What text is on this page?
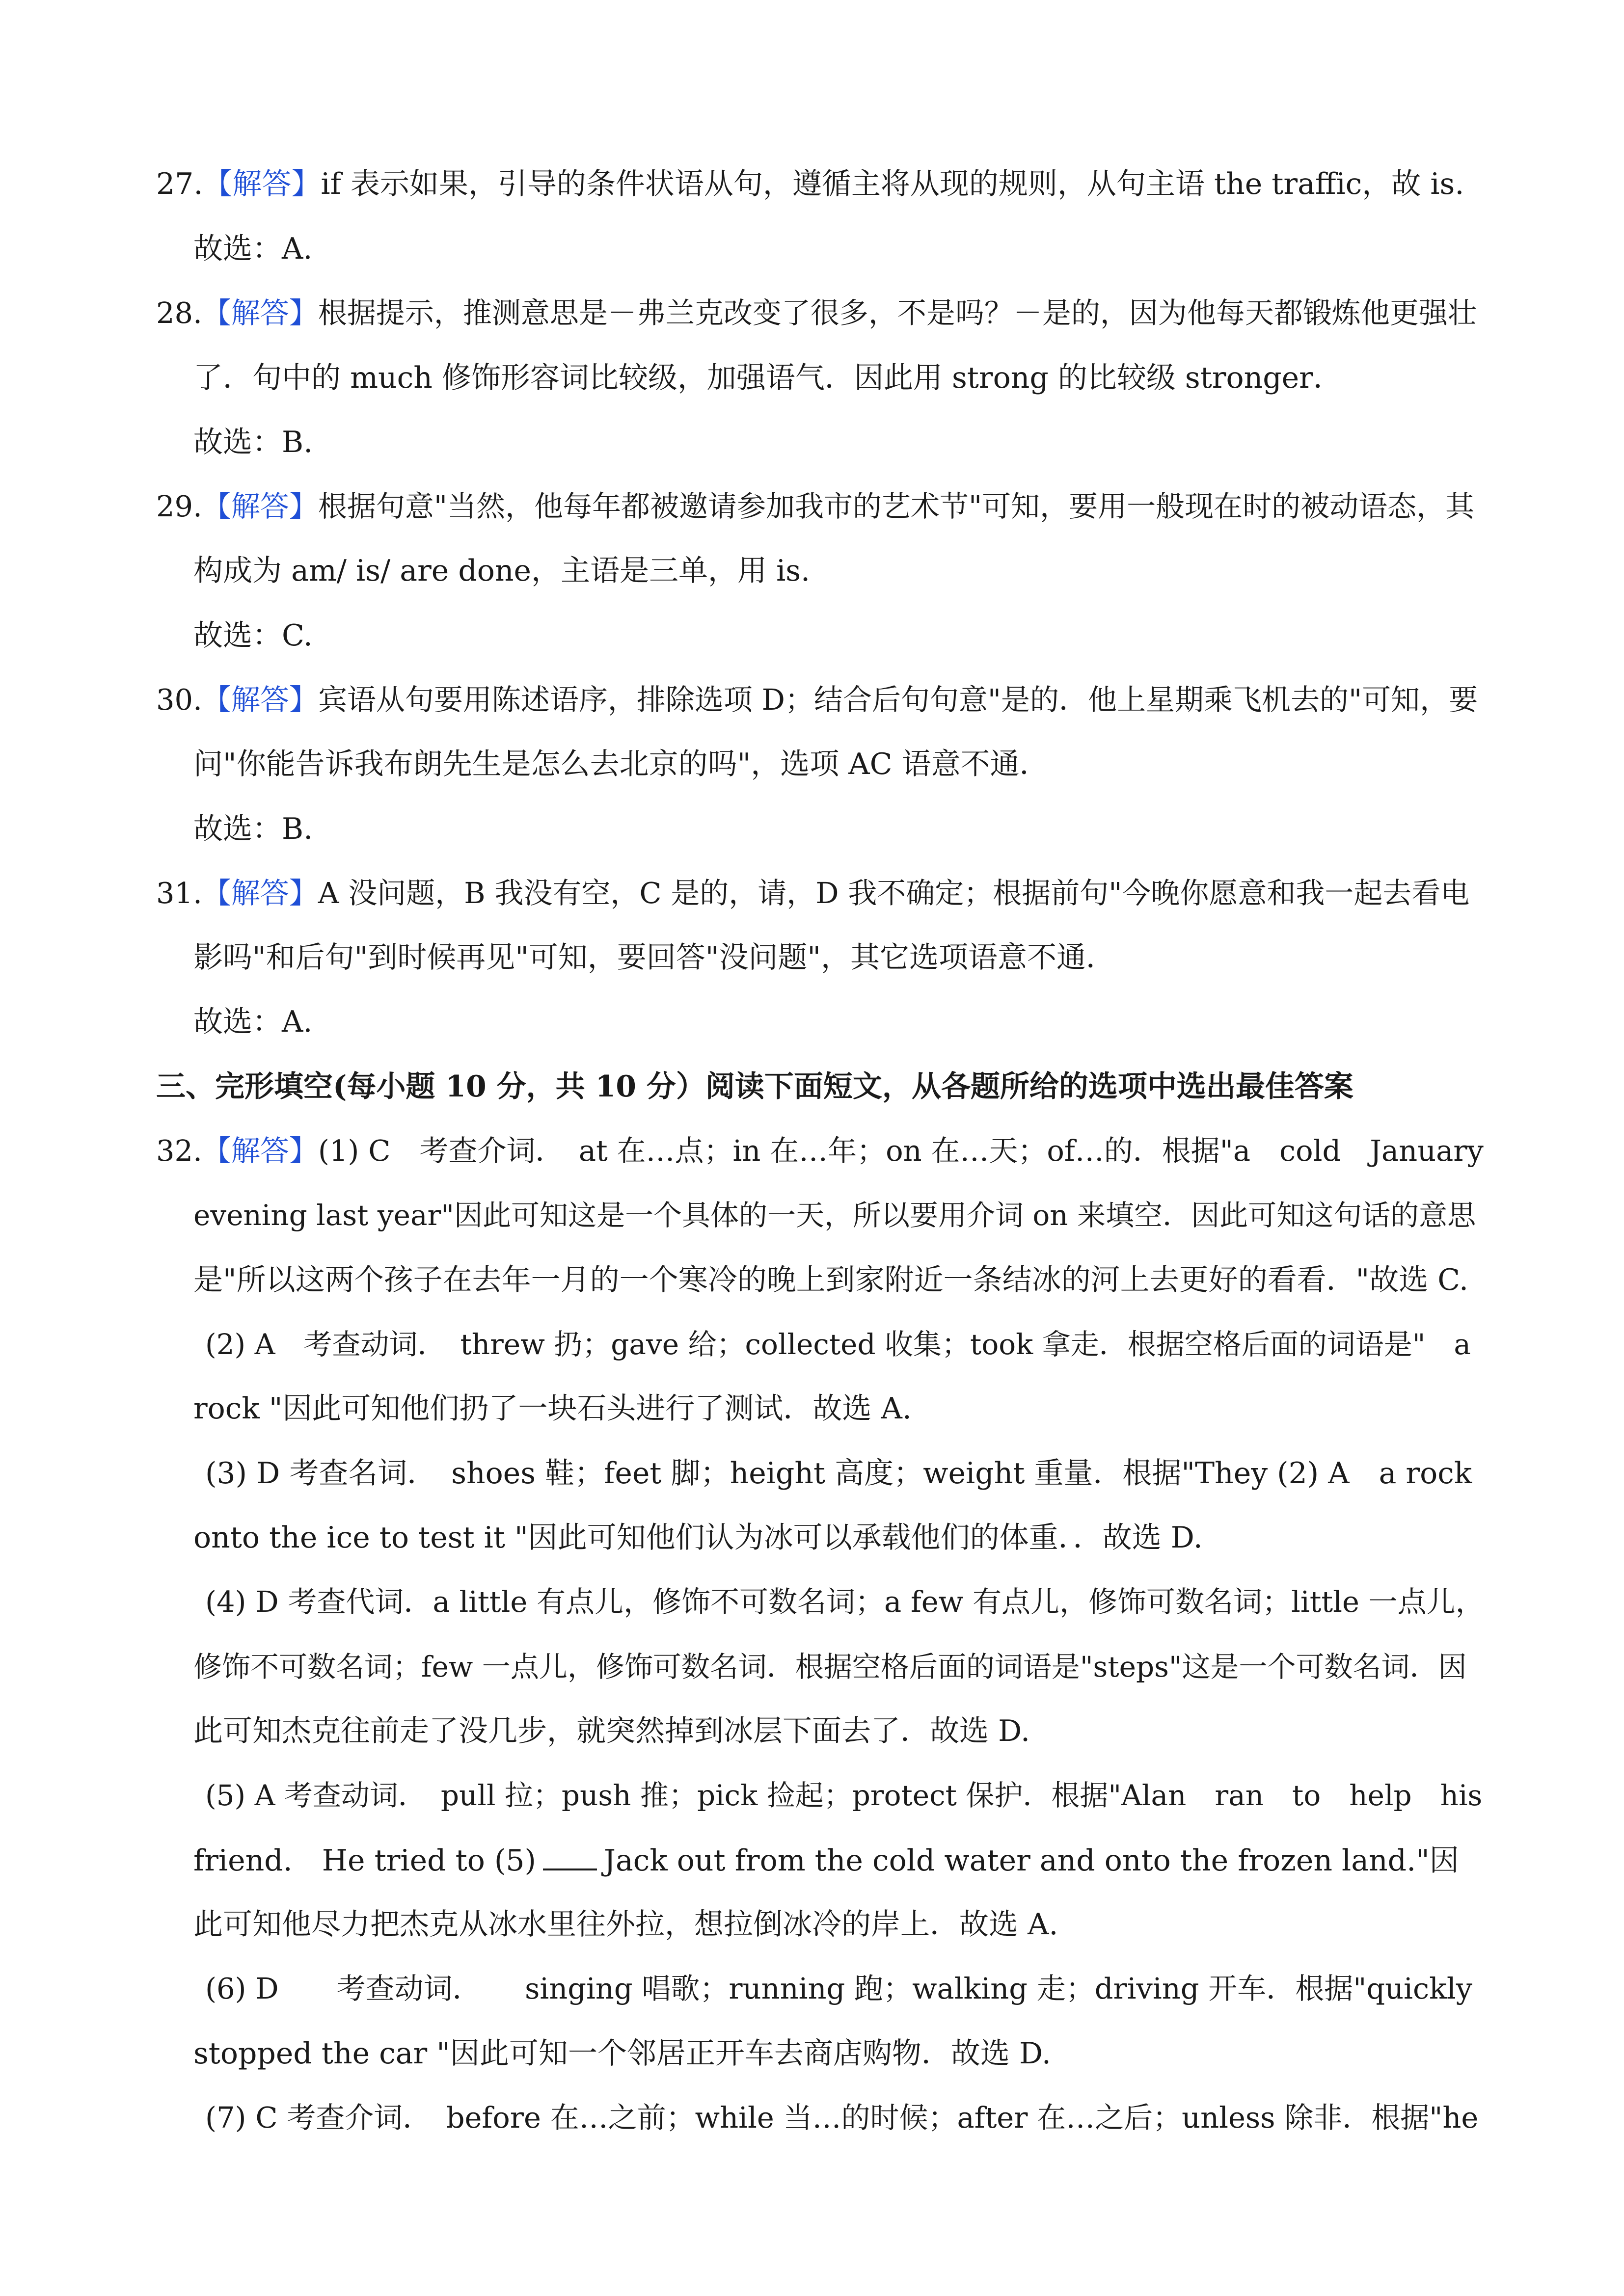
27.【解答】if 表示如果，引导的条件状语从句，遵循主将从现的规则，从句主语 the traffic，故 is.
故选：A.
28.【解答】根据提示，推测意思是－弗兰克改变了很多，不是吗？－是的，因为他每天都锻炼他更强壮
了．句中的 much 修饰形容词比较级，加强语气．因此用 strong 的比较级 stronger．
故选：B.
29.【解答】根据句意"当然，他每年都被邀请参加我市的艺术节"可知，要用一般现在时的被动语态，其
构成为 am/ is/ are done，主语是三单，用 is.
故选：C.
30.【解答】宾语从句要用陈述语序，排除选项 D；结合后句句意"是的．他上星期乘飞机去的"可知，要
问"你能告诉我布朗先生是怎么去北京的吗"，选项 AC 语意不通．
故选：B.
31.【解答】A 没问题，B 我没有空，C 是的，请，D 我不确定；根据前句"今晚你愿意和我一起去看电
影吗"和后句"到时候再见"可知，要回答"没问题"，其它选项语意不通．
故选：A.
三、完形填空(每小题 10 分，共 10 分）阅读下面短文，从各题所给的选项中选出最佳答案
32.【解答】(1) C　考查介词．　at 在…点；in 在…年；on 在…天；of…的．根据"a　cold　January
evening last year"因此可知这是一个具体的一天，所以要用介词 on 来填空．因此可知这句话的意思
是"所以这两个孩子在去年一月的一个寒冷的晚上到家附近一条结冰的河上去更好的看看．"故选 C.
(2) A　考查动词．　threw 扔；gave 给；collected 收集；took 拿走．根据空格后面的词语是"　a
rock "因此可知他们扔了一块石头进行了测试．故选 A.
(3) D 考查名词．　shoes 鞋；feet 脚；height 高度；weight 重量．根据"They (2) A　a rock
onto the ice to test it "因此可知他们认为冰可以承载他们的体重．．故选 D.
(4) D 考查代词．a little 有点儿，修饰不可数名词；a few 有点儿，修饰可数名词；little 一点儿，
修饰不可数名词；few 一点儿，修饰可数名词．根据空格后面的词语是"steps"这是一个可数名词．因
此可知杰克往前走了没几步，就突然掉到冰层下面去了．故选 D.
(5) A 考查动词．　pull 拉；push 推；pick 捡起；protect 保护．根据"Alan　ran　to　help　his
friend.　He tried to (5) Jack out from the cold water and onto the frozen land."因
此可知他尽力把杰克从冰水里往外拉，想拉倒冰冷的岸上．故选 A.
(6) D　　考查动词．　　singing 唱歌；running 跑；walking 走；driving 开车．根据"quickly
stopped the car "因此可知一个邻居正开车去商店购物．故选 D.
(7) C 考查介词．　before 在…之前；while 当…的时候；after 在…之后；unless 除非．根据"he
